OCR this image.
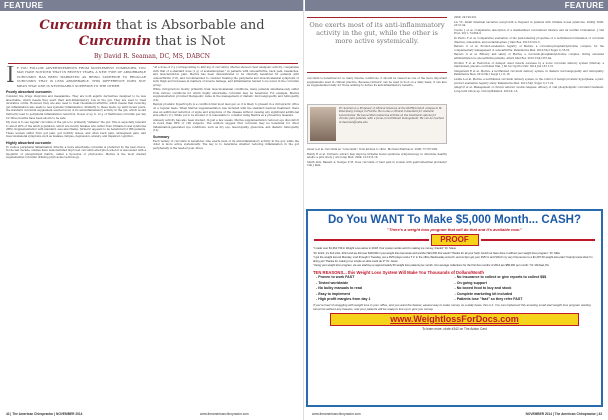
FEATURE
Curcumin that is Absorbable and
Curcumin that is Not
By David R. Seaman, DC, MS, DABCN
I F YOU FOLLOW ADVERTISEMENTS FROM SUPPLEMENT COMPANIES, YOU MAY HAVE NOTICED THAT IN RECENT YEARS, A NEW TYPE OF ABSORBABLE CURCUMIN HAS BEEN MARKETED AS BEING SUPERIOR TO REGULAR CURCUMIN THAT IS LESS ABSORBABLE. THIS DIFFERENCE DOES NOT MEAN THAT ONE IS NECESSARILY SUPERIOR TO THE OTHER.
Poorly absorbed curcumin

Consider the drugs ibuprofen and mesalamine. They are both aspirin derivatives designed to be less absorbable, which means they exert their anti-inflammatory role in the gut. They are used to treat ulcerative colitis. However, they are also used to treat rheumatoid arthritis, which means that reducing gut inflammation also leads to less systemic inflammation. Similarly to these meds, up until recent years, the standard curcumin supplement exerted most of its anti-inflammatory activity in the gut, which would indirectly lead to peripheral inflammation reduction. Doses of up to 12 g of traditional curcumin per day for three months have been shown to be safe.

My view is to see regular curcumin of the gut is to primarily "deflame" the gut. This is especially relevant to about 20% of the adult population, which are mostly females who suffer from irritable bowel syndrome (IBS). Supplementation with standard, less absorbable, turmeric appears to be beneficial for IBS patients. These women suffer from gut pain, gut motility issues, and often back pain, widespread pain, and musculoskeletal symptoms such as malaise, fatigue, depression, anxiety, and impaired cognition.

Highly absorbed curcumin

To reduce peripheral inflammation directly, a more absorbable curcumin is preferred by the best choice. In the last decade, studies have demonstrated improved curcumin absorption when it is associated with a lipophilic or phospholipid matrix, called a liposome or phytosome. Meriva is the most studied supplemental curcumin utilizing phytosome technology.

"At a dose of 2 g (corresponding to 400 mg of curcumin), Meriva showed clear analgesic activity, comparable with that of a standard dose (1 g) of acetaminophen," in patients with osteoarthritis, back pain, headaches, and muscle/tendon pain. Meriva has been demonstrated to be clinically beneficial for patients with osteoarthritis (7,8), and recommended to consider treating the peripheral and musculoskeletal symptoms of both thigh and increases in markers of muscle damage, and inflammation tended to be lower in the curcumin group.

While chiropractors mostly primarily treat musculoskeletal conditions, many patients simultaneously suffer from various conditions for which highly absorbable curcumin may be beneficial. For example, Meriva supplementation provided therapeutic value in the management of diabetic microangiopathy and retinopathy (10).

Benign prostatic hypertrophy is a condition that most men get, so it is likely to present in a chiropractic office on a regular basis. When Meriva supplementation was included with the standard medical treatment, there was an additional reduction of signs and symptoms of the disease without causing any significant additional side effect (11). While yet to be studied, it is reasonable to consider using Meriva as a preventive measure.

Amnesty activity has also been studied. In just a few weeks, Meriva supplementation reduced eye discomfort in more than 80% of 100 subjects. The authors suggest that curcumin may be beneficial for other inflammation-generated eye conditions, such as dry eye, maculopathy, glaucoma, and diabetic retinopathy (12).

Summary

Each variety of curcumin is beneficial. One exerts most of its anti-inflammatory activity in the gut, while the other is more active systemically. The key is to determine whether reducing inflammation in the gut peripherally is the needed goal. Since

42 | The American Chiropractor | NOVEMBER 2014	www.theamericanchiropractor.com
FEATURE
One exerts most of its anti-inflammatory activity in the gut, while the other is more active systemically.
curcumin is beneficial for so many diverse conditions, it should be viewed as one of the more important supplements used in clinical practice. Because turmeric can be used in food on a daily basis, it can also be supplemented daily for those wishing to derive its anti-inflammatory benefits.
Dr. Seaman is a Professor of Clinical Sciences at the NUHS-branch campus in St. Petersburg College in Florida. He is also a Clinical Consultant for Anabolic Laboratories. He has written numerous articles on the treatment options for chronic pain patients, with a focus on nutritional management. He can be reached at dseaman@nuhs.edu

Gavel A et al. Curcumin as "curecumin": from kitchen to clinic. Biochem Pharmacol. 2008; 75:787-809.

Bundy R et al. Turmeric extract may improve irritable bowel syndrome symptomology in otherwise healthy adults: a pilot study. J Alt Comp Med. 2004; 10:1015-18.

Smith AGS, Bassett A, Nedges P M. Does curcumin or haul pain in women with gastrointestinal problems? Clin J Pain.

2009; 24:199-201.

Liu YC. Small intestinal bacterial overgrowth is frequent in patients with irritable bowel syndrome. ZGSSJ. 2006; 23:31-34.

Cuomo J et al. Comparative absorption of a standardized curcuminoid mixture and its lecithin formulation. J Nat Prod. 2011; 74:664-9.

Di Pierro F et al. Comparative evaluation of the pain-relieving properties of a lecithinized formulation of curcumin (Meriva), nimesulide, and acetaminophen. J Pain Res. 2013;6:201-5.

Belcaro G et al. Product-evaluation registry of Meriva, a curcumin-phosphatidylcholine complex, for the complementary management of osteoarthritis. Panminerva Med. 2010;52(2 Suppl 1):55-62.

Belcaro G et al. Efficacy and safety of Meriva, a curcumin-phosphatidylcholine complex, during extended administration in osteoarthritis patients. Altern Med Rev. 2010;15(4):337-44.

Drobnic F et al. Reduction of delayed onset muscle soreness by a novel curcumin delivery system (Meriva): a randomised, placebo-controlled trial. J Int Soc Sports Nutr. 2014 Jun 18;11:31.

Steigerwalt R et al. Meriva, a lecithinized curcumin delivery system, in diabetic microangiopathy and retinopathy. Panminerva Med. 2012;54(1 Suppl 1):11-16.

Ledda A et al. Meriva, a lecithinized curcumin delivery system, in the control of benign prostatic hyperplasia: a pilot, product evaluation registry study. Panminerva Med. 2012;54(1 Suppl 1):17-22.

Allegri P et al. Management of chronic anterior uveitis relapses: efficacy of oral phospholipidic curcumin treatment. Long-term follow-up. Clin Ophthalmol. 2010;4:1-6.

Do You WANT To Make $5,000 Month... CASH?
"There's a weight loss program that will do that and it's available now."
PROOF

"I made over $1,364,739 in Weight Loss alone in 2013! Your system works and it's making me money, thanks!" Dr. Steve

"Dr. Erich, it's Feb 21st, 2014 and we did over $18,000 in just weight loss last week and another $21,000 this week!! Thanks for all your help! Could not have done it without your weight loss program." Dr. Mike

"I got the weight loss kit Monday, mod through it Tuesday, put a DVD player and a T.V. in the office Wednesday at lunch, and at 3pm got your DVD in and SOLD my very first person to a $1,497.00 weight loss plan! I barely know what I'm doing yet! Thanks for making it so simple an idiot could do it!" Dr. Jason

"Using your weight loss program, we are starting up approximately 50 weight loss patients per month. Our average collections for the first five months of 2014 are $86,000 per month." Dr. Michael, PA

TEN REASONS... this Weight Loss System Will Make You Thousands of Dollars/Month
- Proven to work FAST
- Tested worldwide
- No bulky manuals to read
- Easy to implement
- High profit margins from day 1
- No insurance to collect or give reports to collect $$$
- On going support
- No boxed food to buy and stock
- Complete marketing kit included
- Patients lose "fast" so they refer FAST
If you're tired of struggling with weight loss in your office, and you want the fastest, easiest way to make money on a daily basis, this is it. You can implement this amazing small start weight loss program starting tomorrow without any hassles, and your patients will be ready to line up to give you money.
www.WeightlossForDocs.com
To learn more, circle #342 on The Action Card
www.theamericanchiropractor.com	NOVEMBER 2014 | The American Chiropractor | 43
